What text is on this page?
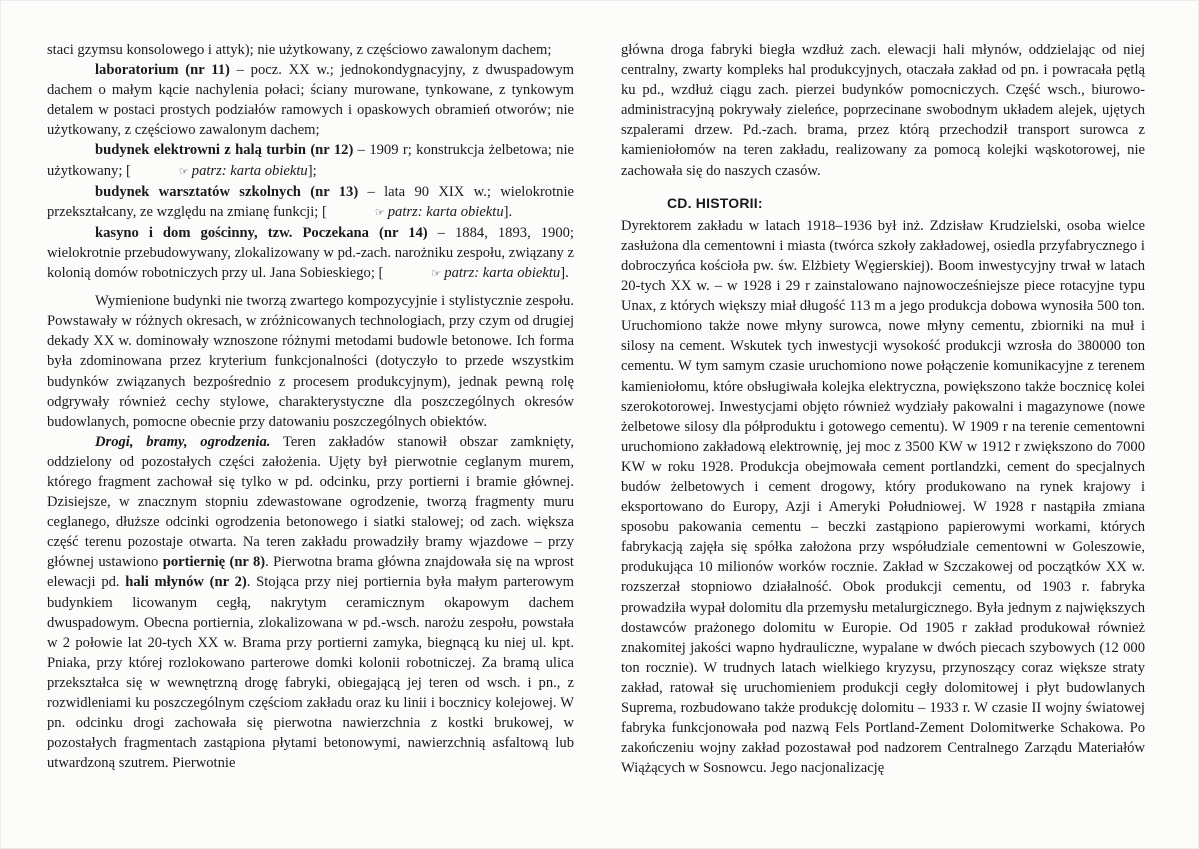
staci gzymsu konsolowego i attyk); nie użytkowany, z częściowo zawalonym dachem;

laboratorium (nr 11) – pocz. XX w.; jednokondygnacyjny, z dwuspadowym dachem o małym kącie nachylenia połaci; ściany murowane, tynkowane, z tynkowym detalem w postaci prostych podziałów ramowych i opaskowych obramień otworów; nie użytkowany, z częściowo zawalonym dachem;

budynek elektrowni z halą turbin (nr 12) – 1909 r; konstrukcja żelbetowa; nie użytkowany; [	☞ patrz: karta obiektu];

budynek warsztatów szkolnych (nr 13) – lata 90 XIX w.; wielokrotnie przekształcany, ze względu na zmianę funkcji; [	☞ patrz: karta obiektu].

kasyno i dom gościnny, tzw. Poczekana (nr 14) – 1884, 1893, 1900; wielokrotnie przebudowywany, zlokalizowany w pd.-zach. narożniku zespołu, związany z kolonią domów robotniczych przy ul. Jana Sobieskiego; [	☞ patrz: karta obiektu].

Wymienione budynki nie tworzą zwartego kompozycyjnie i stylistycznie zespołu. Powstawały w różnych okresach, w zróżnicowanych technologiach, przy czym od drugiej dekady XX w. dominowały wznoszone różnymi metodami budowle betonowe. Ich forma była zdominowana przez kryterium funkcjonalności (dotyczyło to przede wszystkim budynków związanych bezpośrednio z procesem produkcyjnym), jednak pewną rolę odgrywały również cechy stylowe, charakterystyczne dla poszczególnych okresów budowlanych, pomocne obecnie przy datowaniu poszczególnych obiektów.

Drogi, bramy, ogrodzenia. Teren zakładów stanowił obszar zamknięty, oddzielony od pozostałych części założenia. Ujęty był pierwotnie ceglanym murem, którego fragment zachował się tylko w pd. odcinku, przy portierni i bramie głównej. Dzisiejsze, w znacznym stopniu zdewastowane ogrodzenie, tworzą fragmenty muru ceglanego, dłuższe odcinki ogrodzenia betonowego i siatki stalowej; od zach. większa część terenu pozostaje otwarta. Na teren zakładu prowadziły bramy wjazdowe – przy głównej ustawiono portiernię (nr 8). Pierwotna brama główna znajdowała się na wprost elewacji pd. hali młynów (nr 2). Stojąca przy niej portiernia była małym parterowym budynkiem licowanym cegłą, nakrytym ceramicznym okapowym dachem dwuspadowym. Obecna portiernia, zlokalizowana w pd.-wsch. narożu zespołu, powstała w 2 połowie lat 20-tych XX w. Brama przy portierni zamyka, biegnącą ku niej ul. kpt. Pniaka, przy której rozlokowano parterowe domki kolonii robotniczej. Za bramą ulica przekształca się w wewnętrzną drogę fabryki, obiegającą jej teren od wsch. i pn., z rozwidleniami ku poszczególnym częściom zakładu oraz ku linii i bocznicy kolejowej. W pn. odcinku drogi zachowała się pierwotna nawierzchnia z kostki brukowej, w pozostałych fragmentach zastąpiona płytami betonowymi, nawierzchnią asfaltową lub utwardzoną szutrem. Pierwotnie

główna droga fabryki biegła wzdłuż zach. elewacji hali młynów, oddzielając od niej centralny, zwarty kompleks hal produkcyjnych, otaczała zakład od pn. i powracała pętlą ku pd., wzdłuż ciągu zach. pierzei budynków pomocniczych. Część wsch., biurowo-administracyjną pokrywały zieleńce, poprzecinane swobodnym układem alejek, ujętych szpalerami drzew. Pd.-zach. brama, przez którą przechodził transport surowca z kamieniołomów na teren zakładu, realizowany za pomocą kolejki wąskotorowej, nie zachowała się do naszych czasów.

CD. HISTORII:

Dyrektorem zakładu w latach 1918–1936 był inż. Zdzisław Krudzielski, osoba wielce zasłużona dla cementowni i miasta (twórca szkoły zakładowej, osiedla przyfabrycznego i dobroczyńca kościoła pw. św. Elżbiety Węgierskiej). Boom inwestycyjny trwał w latach 20-tych XX w. – w 1928 i 29 r zainstalowano najnowocześniejsze piece rotacyjne typu Unax, z których większy miał długość 113 m a jego produkcja dobowa wynosiła 500 ton. Uruchomiono także nowe młyny surowca, nowe młyny cementu, zbiorniki na muł i silosy na cement. Wskutek tych inwestycji wysokość produkcji wzrosła do 380000 ton cementu. W tym samym czasie uruchomiono nowe połączenie komunikacyjne z terenem kamieniołomu, które obsługiwała kolejka elektryczna, powiększono także bocznicę kolei szerokotorowej. Inwestycjami objęto również wydziały pakowalni i magazynowe (nowe żelbetowe silosy dla półproduktu i gotowego cementu). W 1909 r na terenie cementowni uruchomiono zakładową elektrownię, jej moc z 3500 KW w 1912 r zwiększono do 7000 KW w roku 1928. Produkcja obejmowała cement portlandzki, cement do specjalnych budów żelbetowych i cement drogowy, który produkowano na rynek krajowy i eksportowano do Europy, Azji i Ameryki Południowej. W 1928 r nastąpiła zmiana sposobu pakowania cementu – beczki zastąpiono papierowymi workami, których fabrykacją zajęła się spółka założona przy współudziale cementowni w Goleszowie, produkująca 10 milionów worków rocznie. Zakład w Szczakowej od początków XX w. rozszerzał stopniowo działalność. Obok produkcji cementu, od 1903 r. fabryka prowadziła wypał dolomitu dla przemysłu metalurgicznego. Była jednym z największych dostawców prażonego dolomitu w Europie. Od 1905 r zakład produkował również znakomitej jakości wapno hydrauliczne, wypalane w dwóch piecach szybowych (12 000 ton rocznie). W trudnych latach wielkiego kryzysu, przynoszący coraz większe straty zakład, ratował się uruchomieniem produkcji cegły dolomitowej i płyt budowlanych Suprema, rozbudowano także produkcję dolomitu – 1933 r. W czasie II wojny światowej fabryka funkcjonowała pod nazwą Fels Portland-Zement Dolomitwerke Schakowa. Po zakończeniu wojny zakład pozostawał pod nadzorem Centralnego Zarządu Materiałów Wiążących w Sosnowcu. Jego nacjonalizację
